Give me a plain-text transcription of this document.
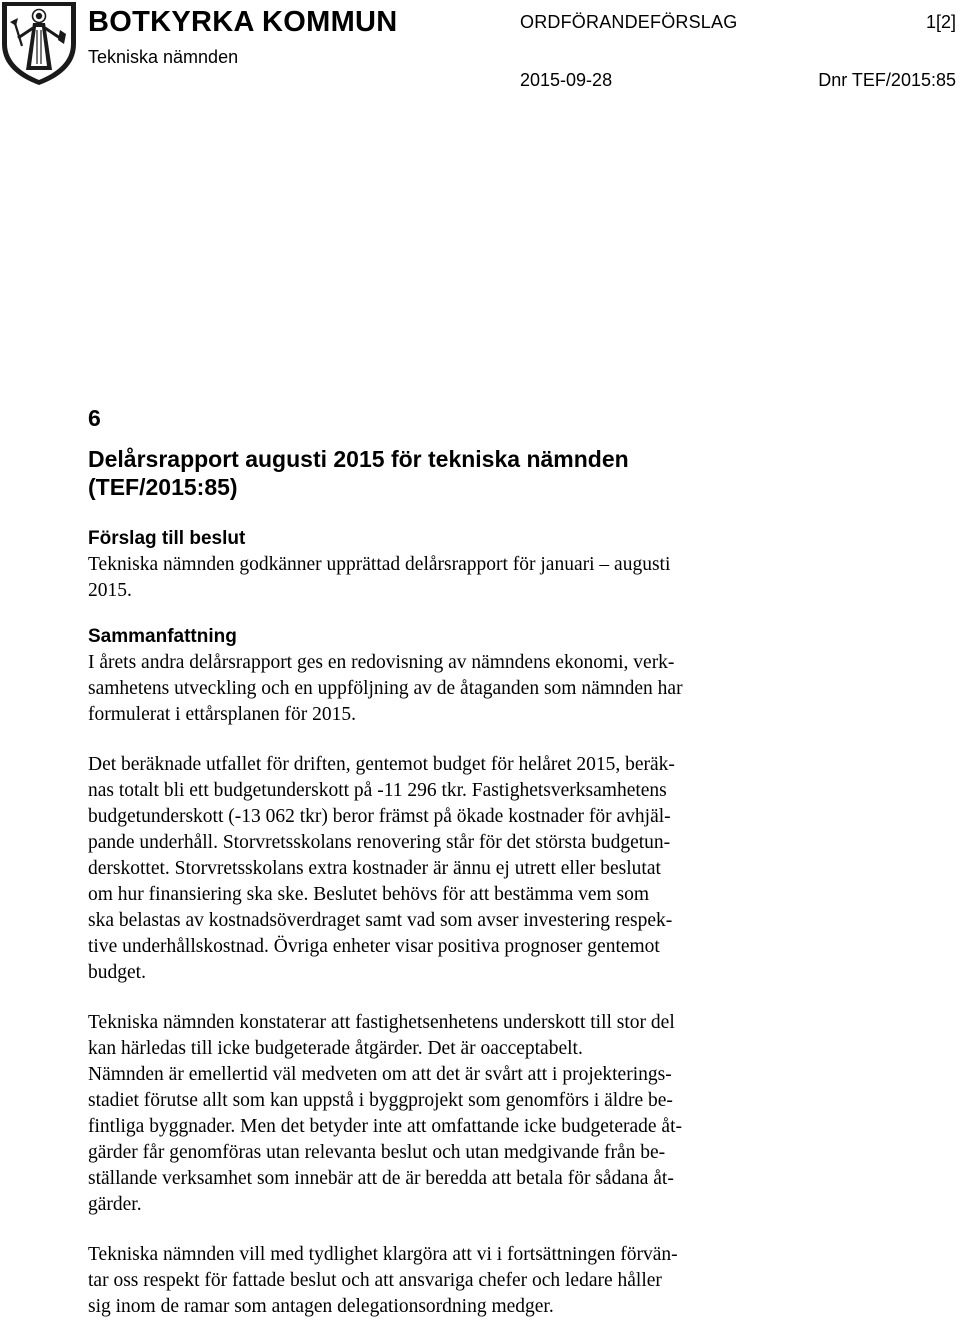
BOTKYRKA KOMMUN
Tekniska nämnden
ORDFÖRANDEFÖRSLAG	1[2]
2015-09-28	Dnr TEF/2015:85
6
Delårsrapport augusti 2015 för tekniska nämnden
(TEF/2015:85)
Förslag till beslut

Tekniska nämnden godkänner upprättad delårsrapport för januari – augusti
2015.

Sammanfattning

I årets andra delårsrapport ges en redovisning av nämndens ekonomi, verk-
samhetens utveckling och en uppföljning av de åtaganden som nämnden har
formulerat i ettårsplanen för 2015.

Det beräknade utfallet för driften, gentemot budget för helåret 2015, beräk-
nas totalt bli ett budgetunderskott på -11 296 tkr. Fastighetsverksamhetens
budgetunderskott (-13 062 tkr) beror främst på ökade kostnader för avhjäl-
pande underhåll. Storvretsskolans renovering står för det största budgetun-
derskottet. Storvretsskolans extra kostnader är ännu ej utrett eller beslutat
om hur finansiering ska ske. Beslutet behövs för att bestämma vem som
ska belastas av kostnadsöverdraget samt vad som avser investering respek-
tive underhållskostnad. Övriga enheter visar positiva prognoser gentemot
budget.

Tekniska nämnden konstaterar att fastighetsenhetens underskott till stor del
kan härledas till icke budgeterade åtgärder. Det är oacceptabelt.
Nämnden är emellertid väl medveten om att det är svårt att i projekterings-
stadiet förutse allt som kan uppstå i byggprojekt som genomförs i äldre be-
fintliga byggnader. Men det betyder inte att omfattande icke budgeterade åt-
gärder får genomföras utan relevanta beslut och utan medgivande från be-
ställande verksamhet som innebär att de är beredda att betala för sådana åt-
gärder.

Tekniska nämnden vill med tydlighet klargöra att vi i fortsättningen förvän-
tar oss respekt för fattade beslut och att ansvariga chefer och ledare håller
sig inom de ramar som antagen delegationsordning medger.
